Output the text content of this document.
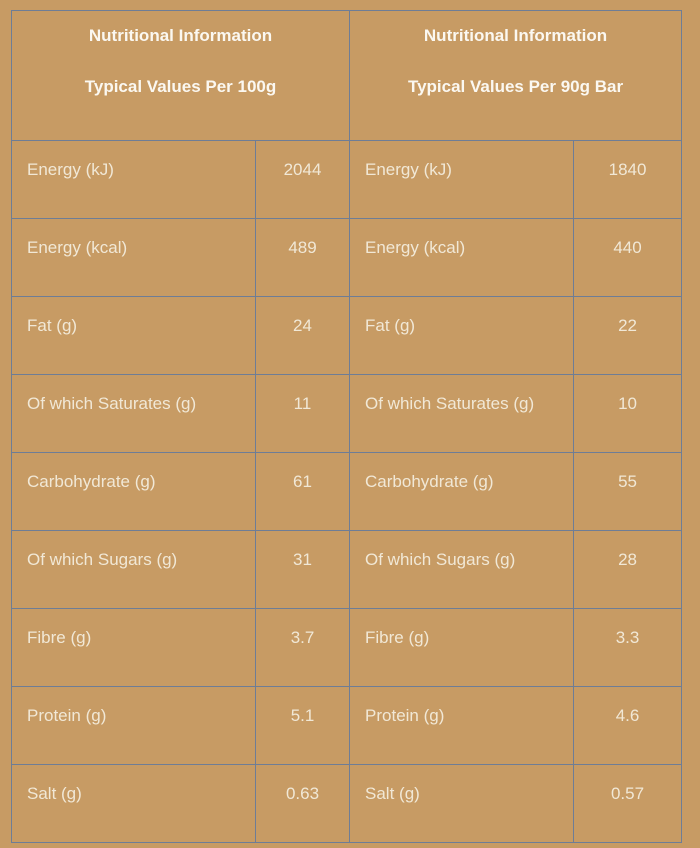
Nutritional Information
Typical Values Per 100g

Nutritional Information
Typical Values Per 90g Bar

Energy (kJ)	2044	Energy (kJ)	1840
Energy (kcal)	489	Energy (kcal)	440
Fat (g)	24	Fat (g)	22
Of which Saturates (g)	11	Of which Saturates (g)	10
Carbohydrate (g)	61	Carbohydrate (g)	55
Of which Sugars (g)	31	Of which Sugars (g)	28
Fibre (g)	3.7	Fibre (g)	3.3
Protein (g)	5.1	Protein (g)	4.6
Salt (g)	0.63	Salt (g)	0.57
